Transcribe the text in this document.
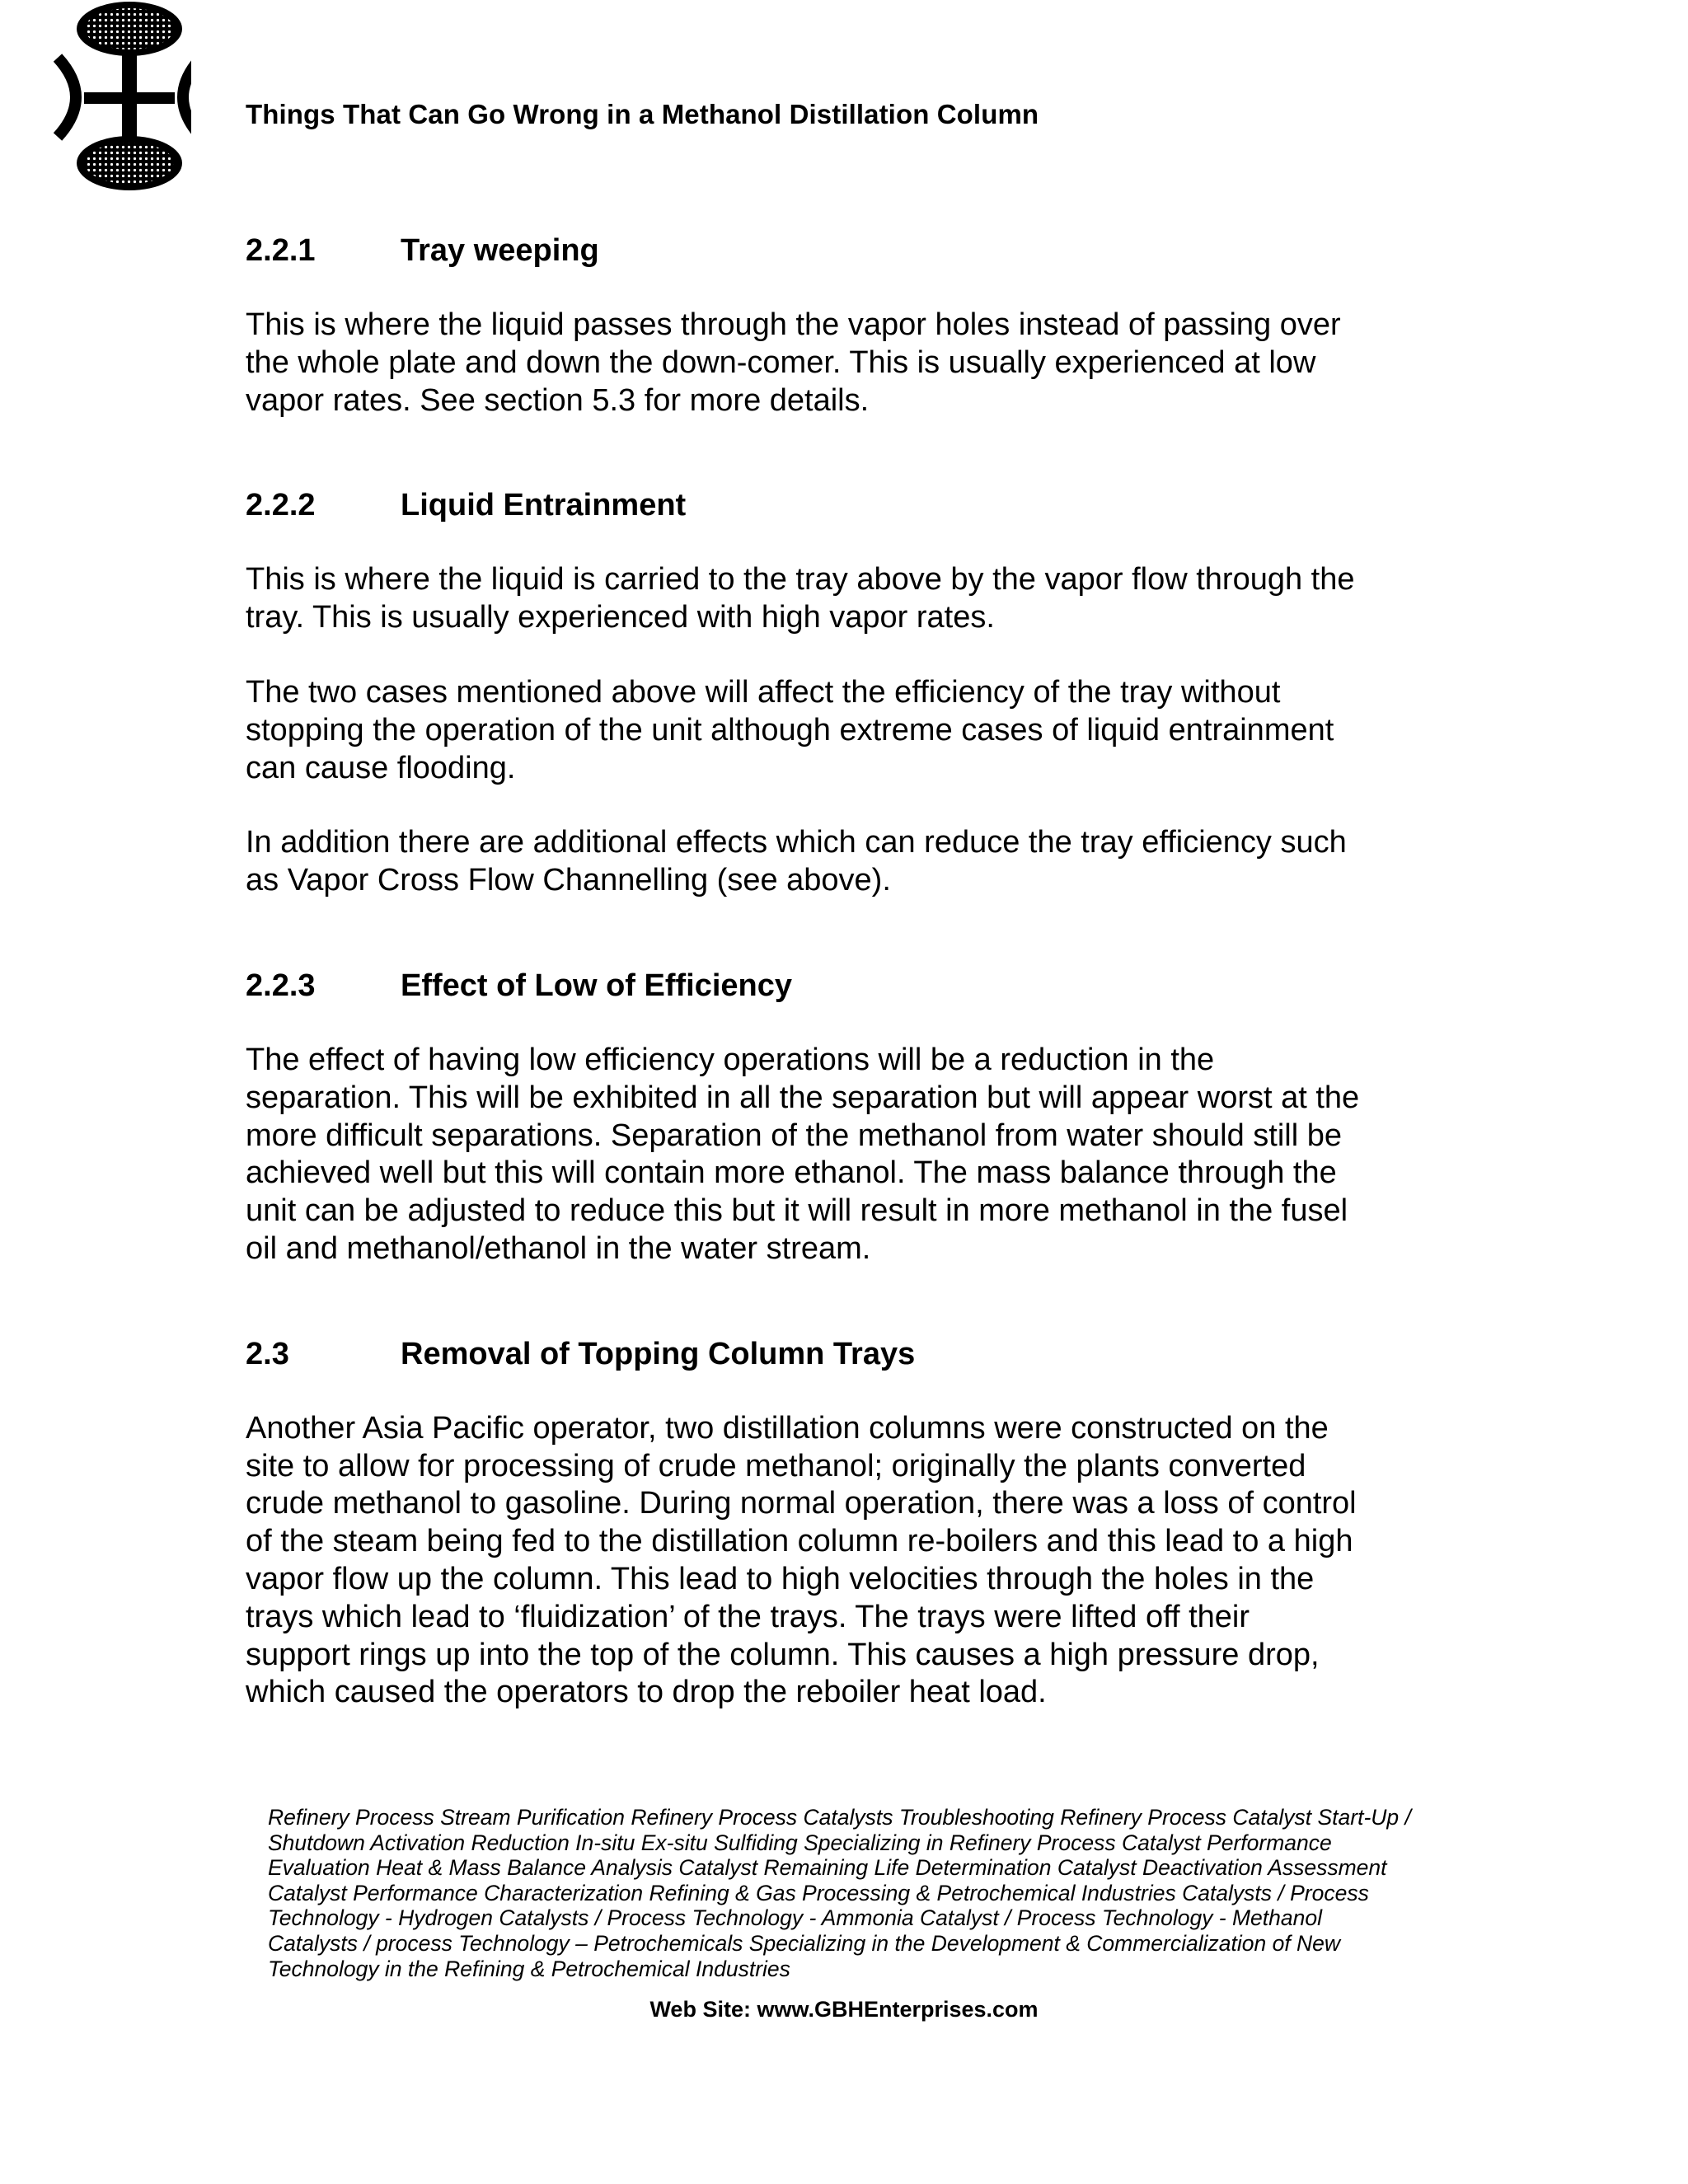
Things That Can Go Wrong in a Methanol Distillation Column
2.2.1	Tray weeping

This is where the liquid passes through the vapor holes instead of passing over
the whole plate and down the down-comer. This is usually experienced at low
vapor rates. See section 5.3 for more details.

2.2.2	Liquid Entrainment

This is where the liquid is carried to the tray above by the vapor flow through the
tray. This is usually experienced with high vapor rates.

The two cases mentioned above will affect the efficiency of the tray without
stopping the operation of the unit although extreme cases of liquid entrainment
can cause flooding.

In addition there are additional effects which can reduce the tray efficiency such
as Vapor Cross Flow Channelling (see above).

2.2.3	Effect of Low of Efficiency

The effect of having low efficiency operations will be a reduction in the
separation. This will be exhibited in all the separation but will appear worst at the
more difficult separations. Separation of the methanol from water should still be
achieved well but this will contain more ethanol. The mass balance through the
unit can be adjusted to reduce this but it will result in more methanol in the fusel
oil and methanol/ethanol in the water stream.

2.3	Removal of Topping Column Trays

Another Asia Pacific operator, two distillation columns were constructed on the
site to allow for processing of crude methanol; originally the plants converted
crude methanol to gasoline. During normal operation, there was a loss of control
of the steam being fed to the distillation column re-boilers and this lead to a high
vapor flow up the column. This lead to high velocities through the holes in the
trays which lead to ‘fluidization’ of the trays. The trays were lifted off their
support rings up into the top of the column. This causes a high pressure drop,
which caused the operators to drop the reboiler heat load.

Refinery Process Stream Purification Refinery Process Catalysts Troubleshooting Refinery Process Catalyst Start-Up /
Shutdown Activation Reduction In-situ Ex-situ Sulfiding Specializing in Refinery Process Catalyst Performance
Evaluation Heat & Mass Balance Analysis Catalyst Remaining Life Determination Catalyst Deactivation Assessment
Catalyst Performance Characterization Refining & Gas Processing & Petrochemical Industries Catalysts / Process
Technology - Hydrogen Catalysts / Process Technology - Ammonia Catalyst / Process Technology - Methanol
Catalysts / process Technology – Petrochemicals Specializing in the Development & Commercialization of New
Technology in the Refining & Petrochemical Industries
Web Site: www.GBHEnterprises.com
